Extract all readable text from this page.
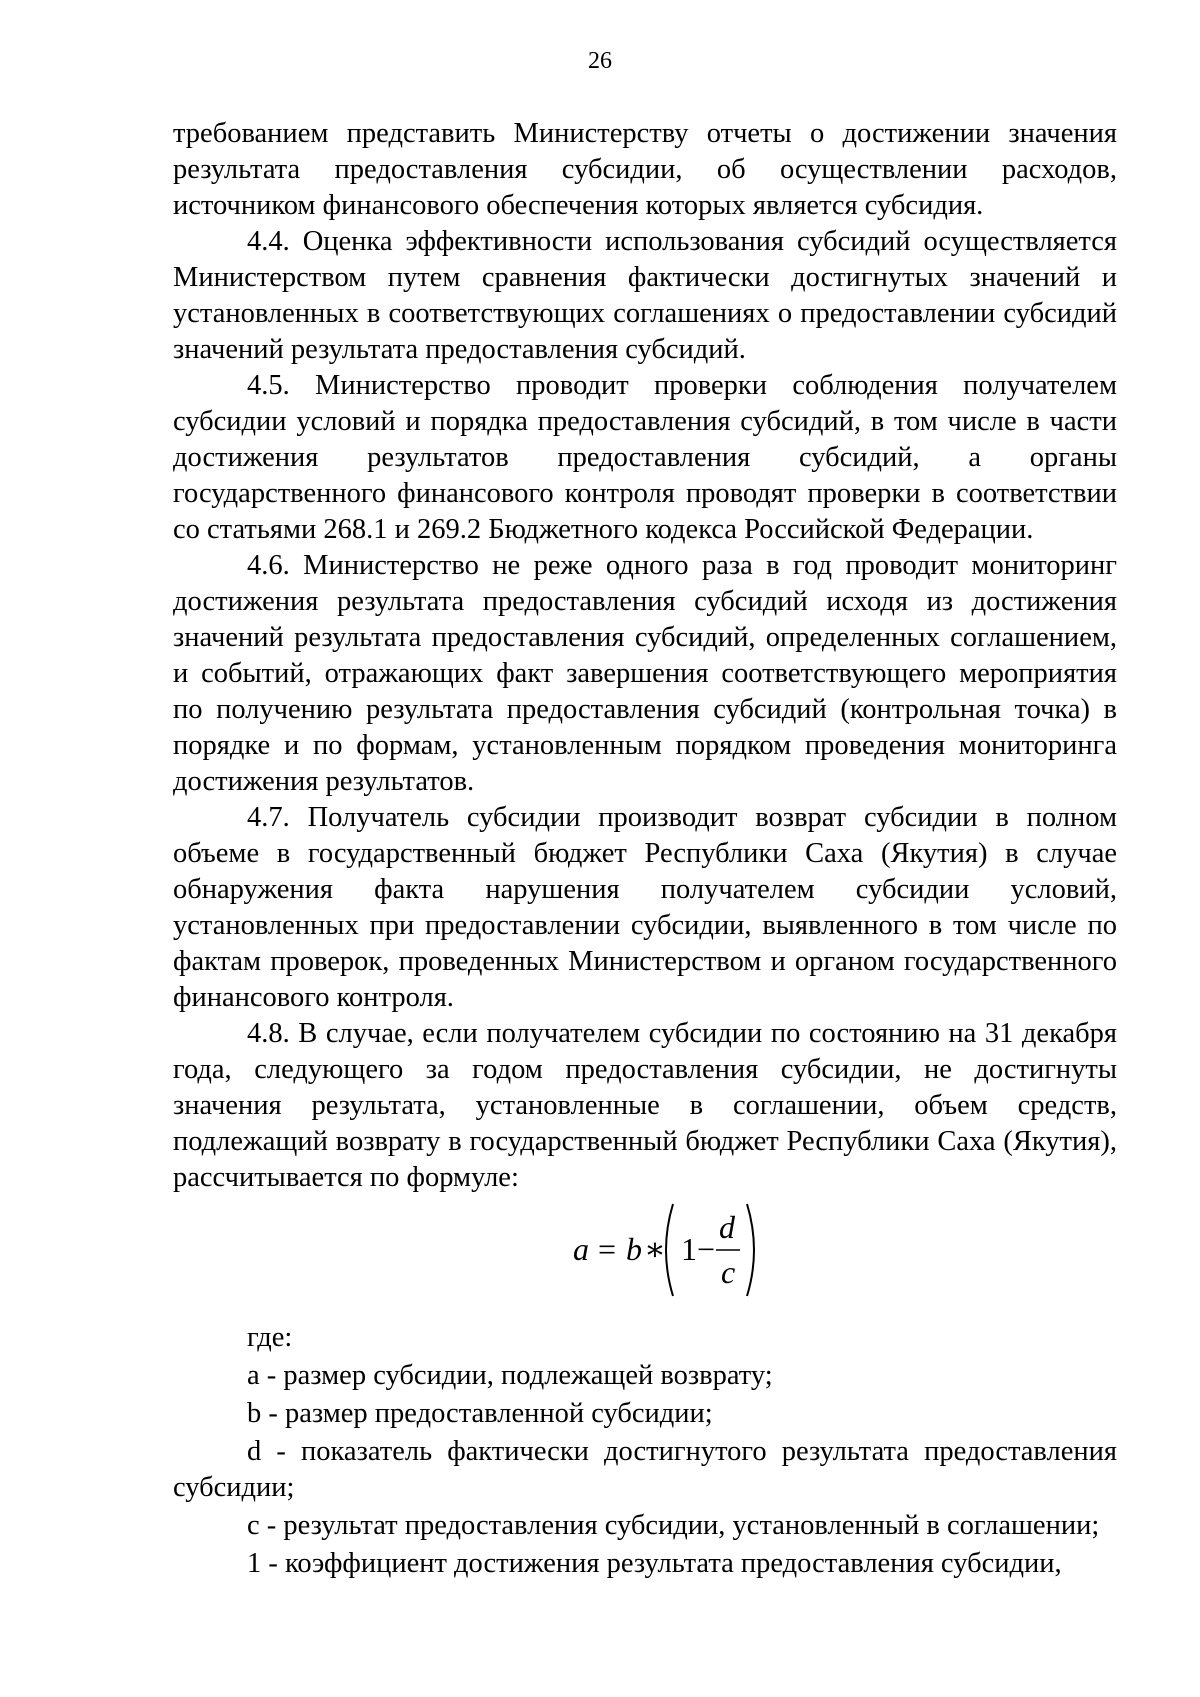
26

требованием представить Министерству отчеты о достижении значения результата предоставления субсидии, об осуществлении расходов, источником финансового обеспечения которых является субсидия.

4.4. Оценка эффективности использования субсидий осуществляется Министерством путем сравнения фактически достигнутых значений и установленных в соответствующих соглашениях о предоставлении субсидий значений результата предоставления субсидий.

4.5. Министерство проводит проверки соблюдения получателем субсидии условий и порядка предоставления субсидий, в том числе в части достижения результатов предоставления субсидий, а органы государственного финансового контроля проводят проверки в соответствии со статьями 268.1 и 269.2 Бюджетного кодекса Российской Федерации.

4.6. Министерство не реже одного раза в год проводит мониторинг достижения результата предоставления субсидий исходя из достижения значений результата предоставления субсидий, определенных соглашением, и событий, отражающих факт завершения соответствующего мероприятия по получению результата предоставления субсидий (контрольная точка) в порядке и по формам, установленным порядком проведения мониторинга достижения результатов.

4.7. Получатель субсидии производит возврат субсидии в полном объеме в государственный бюджет Республики Саха (Якутия) в случае обнаружения факта нарушения получателем субсидии условий, установленных при предоставлении субсидии, выявленного в том числе по фактам проверок, проведенных Министерством и органом государственного финансового контроля.

4.8. В случае, если получателем субсидии по состоянию на 31 декабря года, следующего за годом предоставления субсидии, не достигнуты значения результата, установленные в соглашении, объем средств, подлежащий возврату в государственный бюджет Республики Саха (Якутия), рассчитывается по формуле:

a = b ∗ 1 −
d
c

где:

a - размер субсидии, подлежащей возврату;

b - размер предоставленной субсидии;

d - показатель фактически достигнутого результата предоставления субсидии;

c - результат предоставления субсидии, установленный в соглашении;

1 - коэффициент достижения результата предоставления субсидии,
